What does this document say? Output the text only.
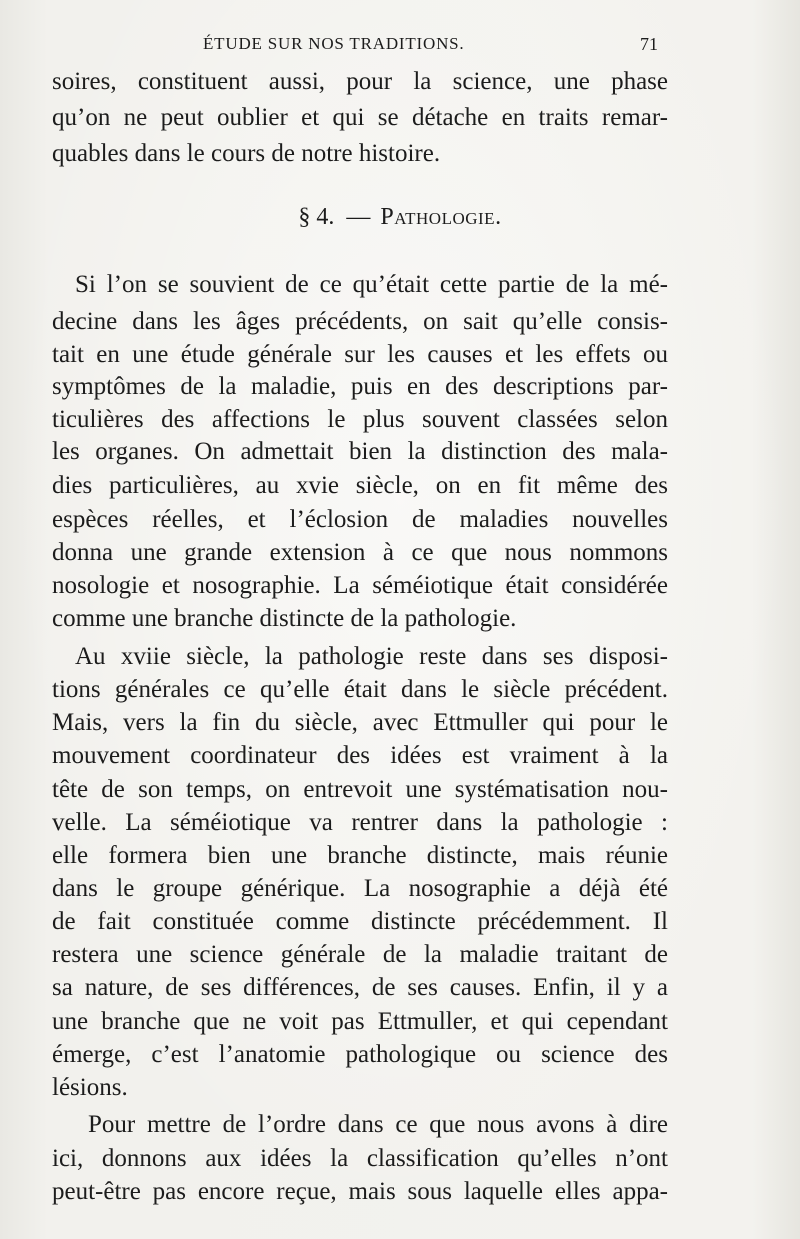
ÉTUDE SUR NOS TRADITIONS.	71
soires, constituent aussi, pour la science, une phase
qu’on ne peut oublier et qui se détache en traits remar-
quables dans le cours de notre histoire.
§ 4. — Pathologie.
Si l’on se souvient de ce qu’était cette partie de la mé-
decine dans les âges précédents, on sait qu’elle consis-
tait en une étude générale sur les causes et les effets ou
symptômes de la maladie, puis en des descriptions par-
ticulières des affections le plus souvent classées selon
les organes. On admettait bien la distinction des mala-
dies particulières, au xvie siècle, on en fit même des
espèces réelles, et l’éclosion de maladies nouvelles
donna une grande extension à ce que nous nommons
nosologie et nosographie. La séméiotique était considérée
comme une branche distincte de la pathologie.
Au xviie siècle, la pathologie reste dans ses disposi-
tions générales ce qu’elle était dans le siècle précédent.
Mais, vers la fin du siècle, avec Ettmuller qui pour le
mouvement coordinateur des idées est vraiment à la
tête de son temps, on entrevoit une systématisation nou-
velle. La séméiotique va rentrer dans la pathologie :
elle formera bien une branche distincte, mais réunie
dans le groupe générique. La nosographie a déjà été
de fait constituée comme distincte précédemment. Il
restera une science générale de la maladie traitant de
sa nature, de ses différences, de ses causes. Enfin, il y a
une branche que ne voit pas Ettmuller, et qui cependant
émerge, c’est l’anatomie pathologique ou science des
lésions.
Pour mettre de l’ordre dans ce que nous avons à dire
ici, donnons aux idées la classification qu’elles n’ont
peut-être pas encore reçue, mais sous laquelle elles appa-
